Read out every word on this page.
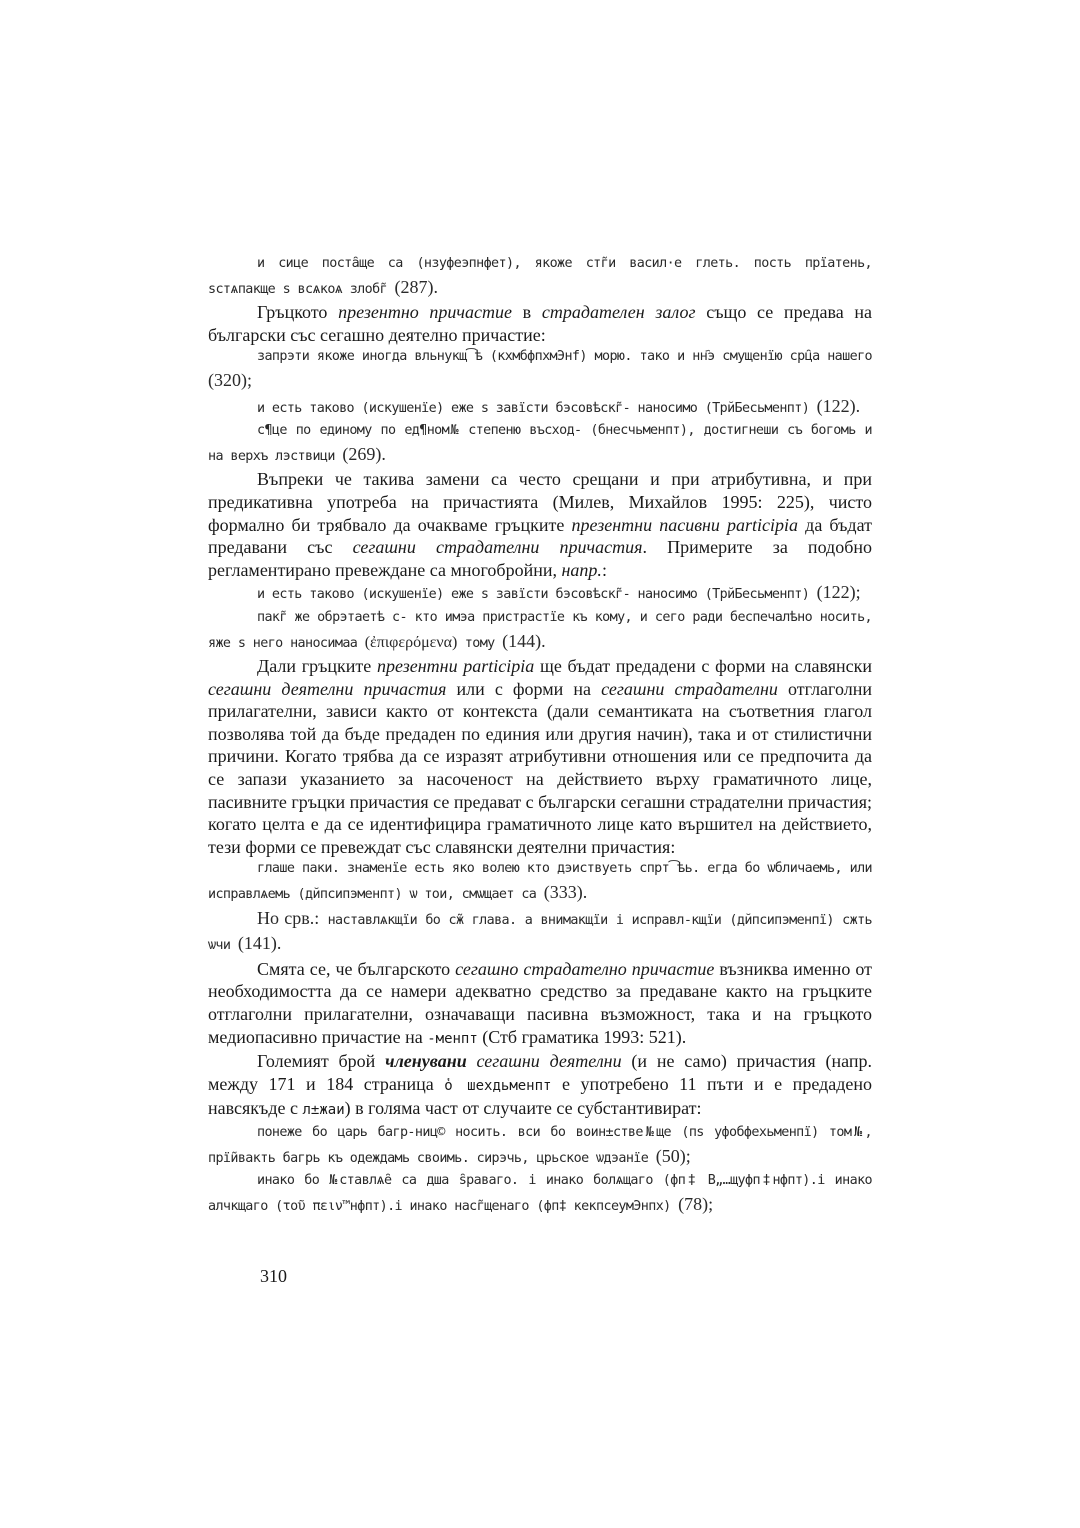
и сице поста̑ще са (нзуфеэпнфет), якоже стг̃и васил·е глеть. пость прїатень, ѕстѧпакще ѕ всѧкоѧ злобг̃ (287).

Гръцкото презентно причастие в страдателен залог също се предава на български със сегашно деятелно причастие:

запрэти якоже иногда вльнукщ͡ѣ (кхмбфпхмЭнf) морю. тако и нн҄э смущенїю срц̑а нашего (320);

и есть таково (искушенїе) еже ѕ завїсти бэсовѣскг̃- наносимо (ТрйБесьменпт) (122).

с¶це по единому по ед¶ном№ степеню въсход- (бнесчьменпт), достигнеши съ богомь и на верхъ лэствици (269).

Въпреки че такива замени са често срещани и при атрибутивна, и при предикативна употреба на причастията (Милев, Михайлов 1995: 225), чисто формално би трябвало да очакваме гръцките презентни пасивни participia да бъдат предавани със сегашни страдателни причастия. Примерите за подобно регламентирано превеждане са многобройни, напр.:

и есть таково (искушенїе) еже ѕ завїсти бэсовѣскг̃- наносимо (ТрйБесьменпт) (122);

пакг̃ же обрэтаетѣ с- кто имэа пристрастїе къ кому, и сего ради беспечалѣно носить, яже ѕ него наносимаа (ἐπιφερόμενα) тому (144).

Дали гръцките презентни participia ще бъдат предадени с форми на славянски сегашни деятелни причастия или с форми на сегашни страдателни отглаголни прилагателни, зависи както от контекста (дали семантиката на съответния глагол позволява той да бъде предаден по единия или другия начин), така и от стилистични причини. Когато трябва да се изразят атрибутивни отношения или се предпочита да се запази указанието за насоченост на действието върху граматичното лице, пасивните гръцки причастия се предават с български сегашни страдателни причастия; когато целта е да се идентифицира граматичното лице като вършител на действието, тези форми се превеждат със славянски деятелни причастия:

глаше паки. знаменїе есть яко волею кто дэиствуеть спрт͡ѣь. егда бо ѡбличаемь, или исправлѧемь (дйпсипэменпт) ѡ тои, смѡщает са (333).

Но срв.: наставлѧкщїи бо сж̃ глава. а внимакщїи і исправл-кщїи (дйпсипэменпї) сжть ѡчи (141).

Смята се, че българското сегашно страдателно причастие възниква именно от необходимостта да се намери адекватно средство за предаване както на гръцките отглаголни прилагателни, означаващи пасивна възможност, така и на гръцкото медиопасивно причастие на -менпт (Стб граматика 1993: 521).

Големият брой членувани сегашни деятелни (и не само) причастия (напр. между 171 и 184 страница ὁ шехдьменпт е употребено 11 пъти и е предадено навсякъде с л±жаи) в голяма част от случаите се субстантивират:

понеже бо царь багр-ниц© носить. вси бо воин±стве№ще (пs уфобфехьменпї) том№, прїи̃вакть багрь къ одеждамь своимь. сирэчь, црьское ѡдэанїе (50);

инако бо №ставлѧе̑ са дша ѕ̑раваго. і инако болѧщаго (фп‡ В„…щуфп‡нфпт).і инако алчкщаго (τοῦ πειν™нфпт).і инако насг̃щенаго (фп‡ кекпсеумЭнпх) (78);

310
